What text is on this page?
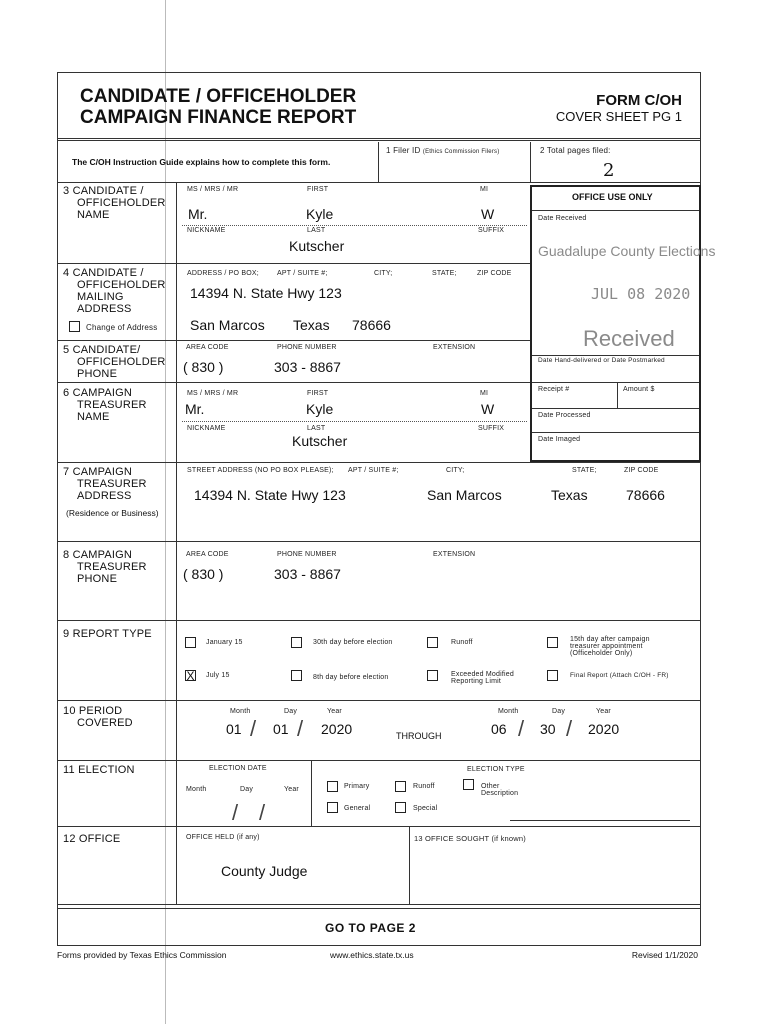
CANDIDATE / OFFICEHOLDER
CAMPAIGN FINANCE REPORT
FORM C/OH
COVER SHEET PG 1
The C/OH Instruction Guide explains how to complete this form.
1 Filer ID (Ethics Commission Filers)	2 Total pages filed:
2
3 CANDIDATE /
OFFICEHOLDER
NAME
MS / MRS / MR	FIRST	MI
Mr.	Kyle	W
NICKNAME	LAST	SUFFIX
Kutscher
4 CANDIDATE /
OFFICEHOLDER
MAILING
ADDRESS
Change of Address
ADDRESS / PO BOX;	APT / SUITE #;	CITY;	STATE;	ZIP CODE
14394 N. State Hwy 123
San Marcos Texas 78666
5 CANDIDATE/
OFFICEHOLDER
PHONE
AREA CODE	PHONE NUMBER	EXTENSION
( 830 )	303 - 8867
6 CAMPAIGN
TREASURER
NAME
MS / MRS / MR	FIRST	MI
Mr.	Kyle	W
NICKNAME	LAST	SUFFIX
Kutscher
OFFICE USE ONLY
Date Received
Guadalupe County Elections
JUL 08 2020
Received
Date Hand-delivered or Date Postmarked
Receipt #	Amount $
Date Processed
Date Imaged
7 CAMPAIGN
TREASURER
ADDRESS
(Residence or Business)
STREET ADDRESS (NO PO BOX PLEASE); APT / SUITE #;	CITY;	STATE;	ZIP CODE
14394 N. State Hwy 123	San Marcos	Texas	78666
8 CAMPAIGN
TREASURER
PHONE
AREA CODE	PHONE NUMBER	EXTENSION
( 830 )	303 - 8867
9 REPORT TYPE
January 15
X July 15
30th day before election
8th day before election
Runoff
Exceeded Modified
Reporting Limit
15th day after campaign
treasurer appointment
(Officeholder Only)
Final Report (Attach C/OH - FR)
10 PERIOD
COVERED
Month	Day	Year
01 / 01 / 2020	THROUGH
Month	Day	Year
06 / 30 / 2020
11 ELECTION	ELECTION DATE
Month	Day	Year
/ /
ELECTION TYPE
Primary	Runoff	Other
Description
General	Special
12 OFFICE	OFFICE HELD (if any)
County Judge
13 OFFICE SOUGHT (if known)
GO TO PAGE 2
Forms provided by Texas Ethics Commission	www.ethics.state.tx.us	Revised 1/1/2020
